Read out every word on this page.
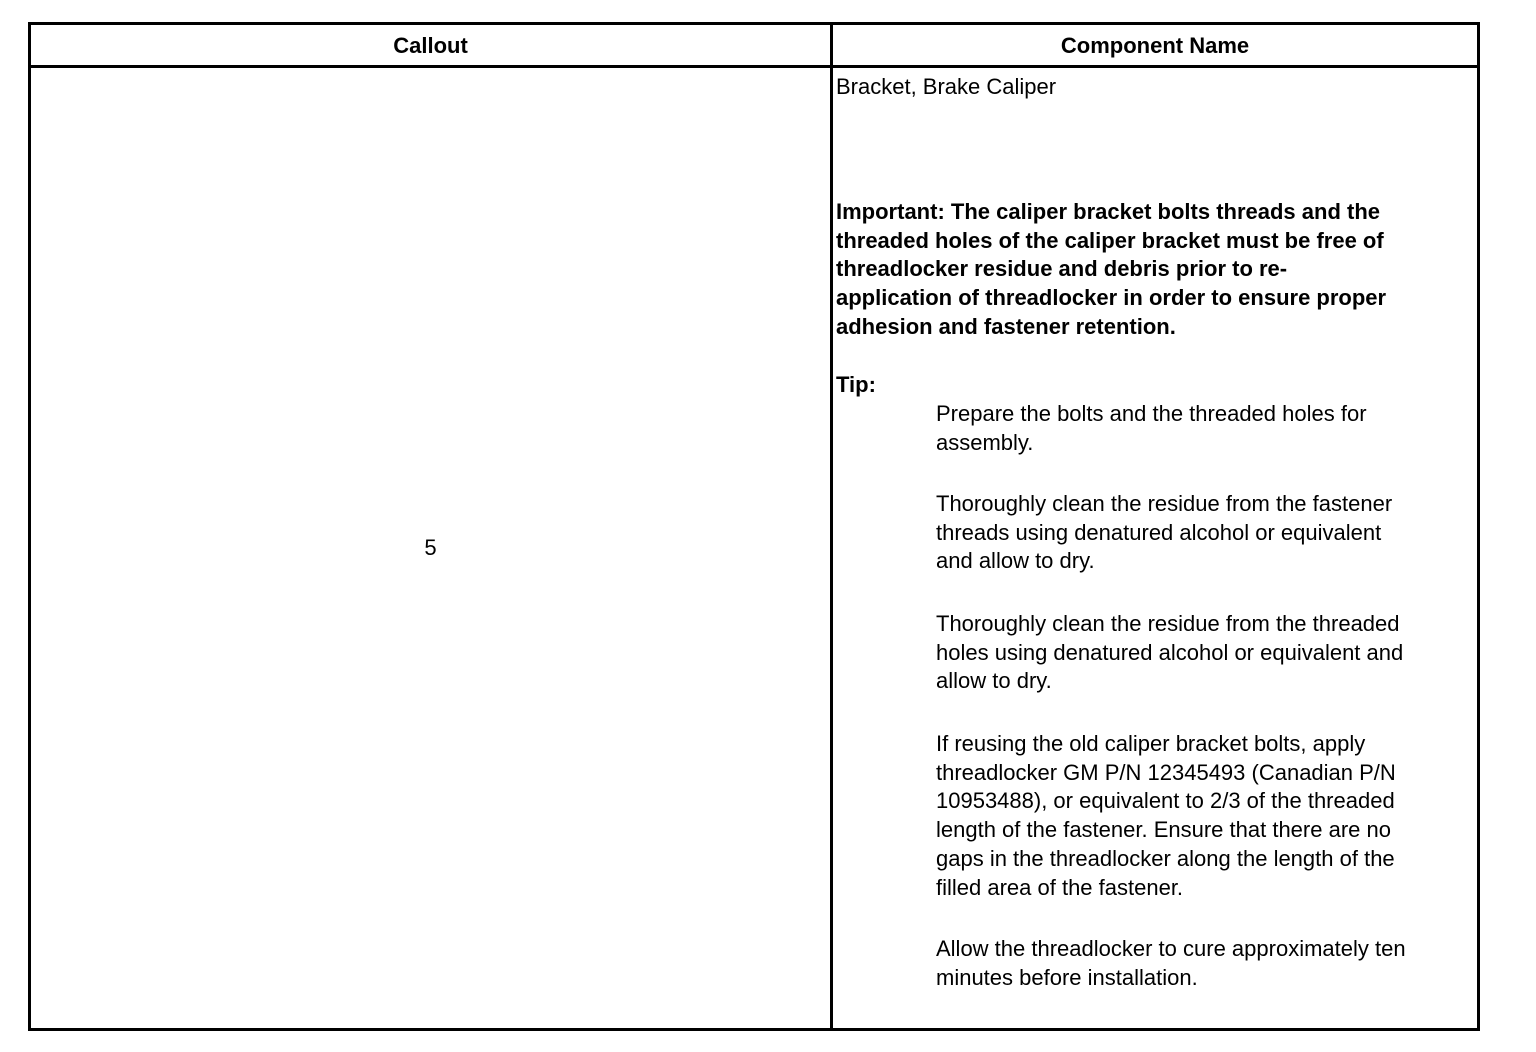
Callout	Component Name
5
Bracket, Brake Caliper
Important: The caliper bracket bolts threads and the
threaded holes of the caliper bracket must be free of
threadlocker residue and debris prior to re-
application of threadlocker in order to ensure proper
adhesion and fastener retention.
Tip:
Prepare the bolts and the threaded holes for
assembly.
Thoroughly clean the residue from the fastener
threads using denatured alcohol or equivalent
and allow to dry.
Thoroughly clean the residue from the threaded
holes using denatured alcohol or equivalent and
allow to dry.
If reusing the old caliper bracket bolts, apply
threadlocker GM P/N 12345493 (Canadian P/N
10953488), or equivalent to 2/3 of the threaded
length of the fastener. Ensure that there are no
gaps in the threadlocker along the length of the
filled area of the fastener.
Allow the threadlocker to cure approximately ten
minutes before installation.
